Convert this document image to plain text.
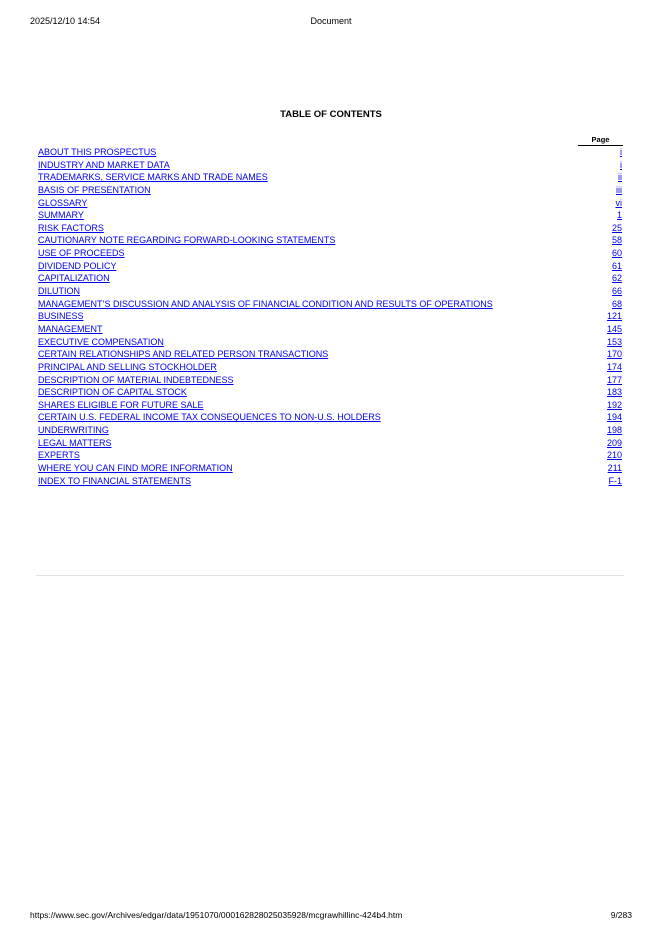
2025/12/10 14:54	Document
TABLE OF CONTENTS
Page
ABOUT THIS PROSPECTUS	i
INDUSTRY AND MARKET DATA	i
TRADEMARKS, SERVICE MARKS AND TRADE NAMES	ii
BASIS OF PRESENTATION	iii
GLOSSARY	vi
SUMMARY	1
RISK FACTORS	25
CAUTIONARY NOTE REGARDING FORWARD-LOOKING STATEMENTS	58
USE OF PROCEEDS	60
DIVIDEND POLICY	61
CAPITALIZATION	62
DILUTION	66
MANAGEMENT’S DISCUSSION AND ANALYSIS OF FINANCIAL CONDITION AND RESULTS OF OPERATIONS	68
BUSINESS	121
MANAGEMENT	145
EXECUTIVE COMPENSATION	153
CERTAIN RELATIONSHIPS AND RELATED PERSON TRANSACTIONS	170
PRINCIPAL AND SELLING STOCKHOLDER	174
DESCRIPTION OF MATERIAL INDEBTEDNESS	177
DESCRIPTION OF CAPITAL STOCK	183
SHARES ELIGIBLE FOR FUTURE SALE	192
CERTAIN U.S. FEDERAL INCOME TAX CONSEQUENCES TO NON-U.S. HOLDERS	194
UNDERWRITING	198
LEGAL MATTERS	209
EXPERTS	210
WHERE YOU CAN FIND MORE INFORMATION	211
INDEX TO FINANCIAL STATEMENTS	F-1
https://www.sec.gov/Archives/edgar/data/1951070/000162828025035928/mcgrawhillinc-424b4.htm	9/283
